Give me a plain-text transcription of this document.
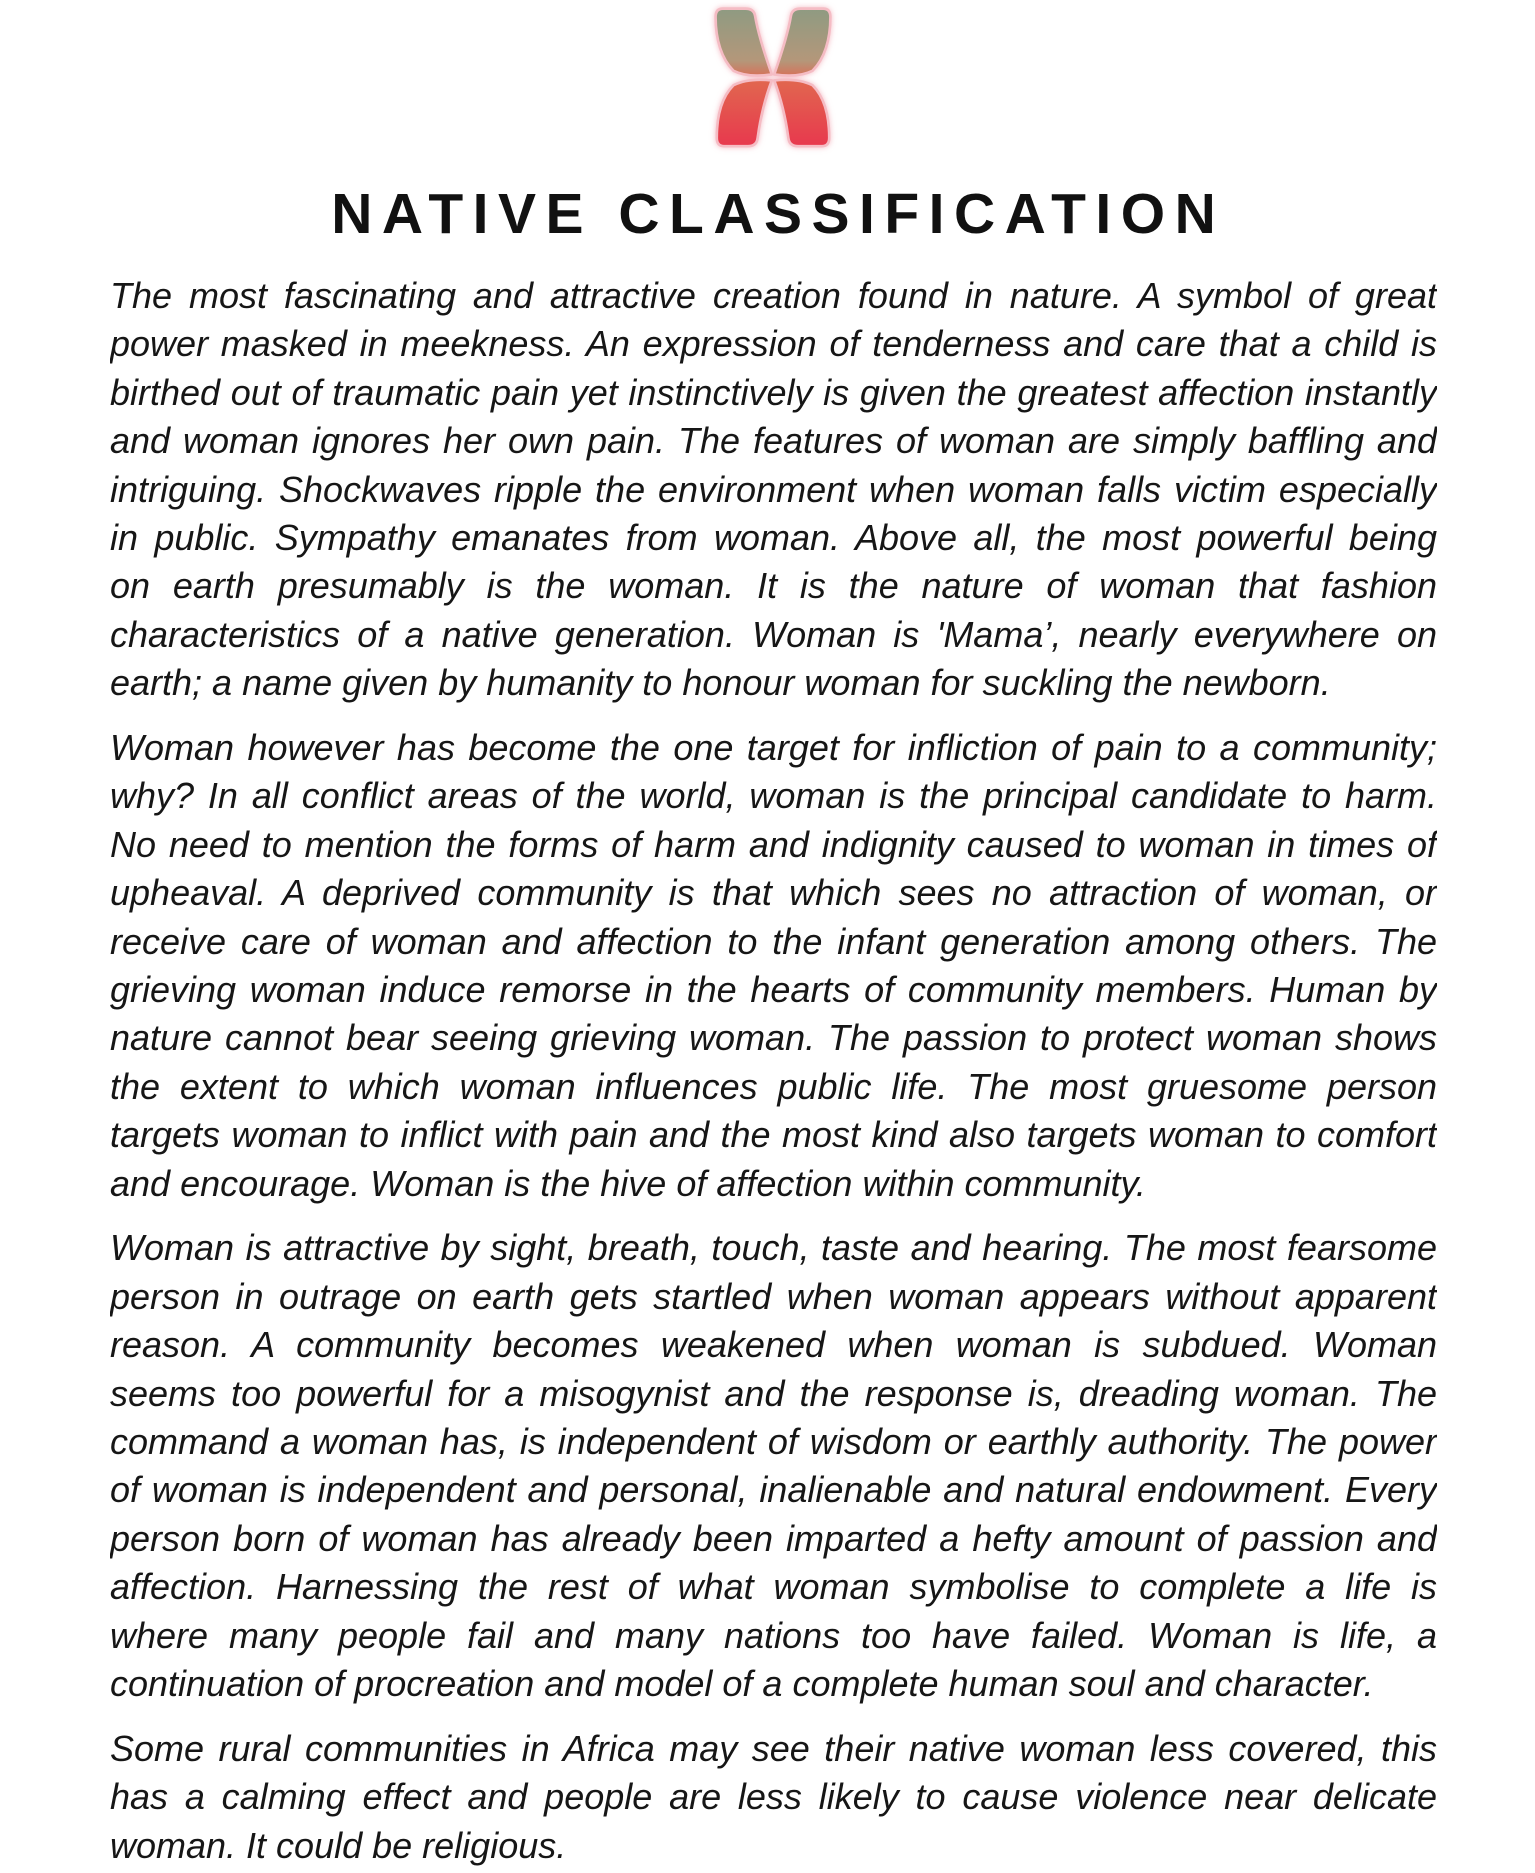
NATIVE CLASSIFICATION
The most fascinating and attractive creation found in nature. A symbol of great
power masked in meekness. An expression of tenderness and care that a child is
birthed out of traumatic pain yet instinctively is given the greatest affection instantly
and woman ignores her own pain. The features of woman are simply baffling and
intriguing. Shockwaves ripple the environment when woman falls victim especially
in public. Sympathy emanates from woman. Above all, the most powerful being
on earth presumably is the woman. It is the nature of woman that fashion
characteristics of a native generation. Woman is 'Mama’, nearly everywhere on
earth; a name given by humanity to honour woman for suckling the newborn.
Woman however has become the one target for infliction of pain to a community;
why? In all conflict areas of the world, woman is the principal candidate to harm.
No need to mention the forms of harm and indignity caused to woman in times of
upheaval. A deprived community is that which sees no attraction of woman, or
receive care of woman and affection to the infant generation among others. The
grieving woman induce remorse in the hearts of community members. Human by
nature cannot bear seeing grieving woman. The passion to protect woman shows
the extent to which woman influences public life. The most gruesome person
targets woman to inflict with pain and the most kind also targets woman to comfort
and encourage. Woman is the hive of affection within community.
Woman is attractive by sight, breath, touch, taste and hearing. The most fearsome
person in outrage on earth gets startled when woman appears without apparent
reason. A community becomes weakened when woman is subdued. Woman
seems too powerful for a misogynist and the response is, dreading woman. The
command a woman has, is independent of wisdom or earthly authority. The power
of woman is independent and personal, inalienable and natural endowment. Every
person born of woman has already been imparted a hefty amount of passion and
affection. Harnessing the rest of what woman symbolise to complete a life is
where many people fail and many nations too have failed. Woman is life, a
continuation of procreation and model of a complete human soul and character.
Some rural communities in Africa may see their native woman less covered, this
has a calming effect and people are less likely to cause violence near delicate
woman. It could be religious.
